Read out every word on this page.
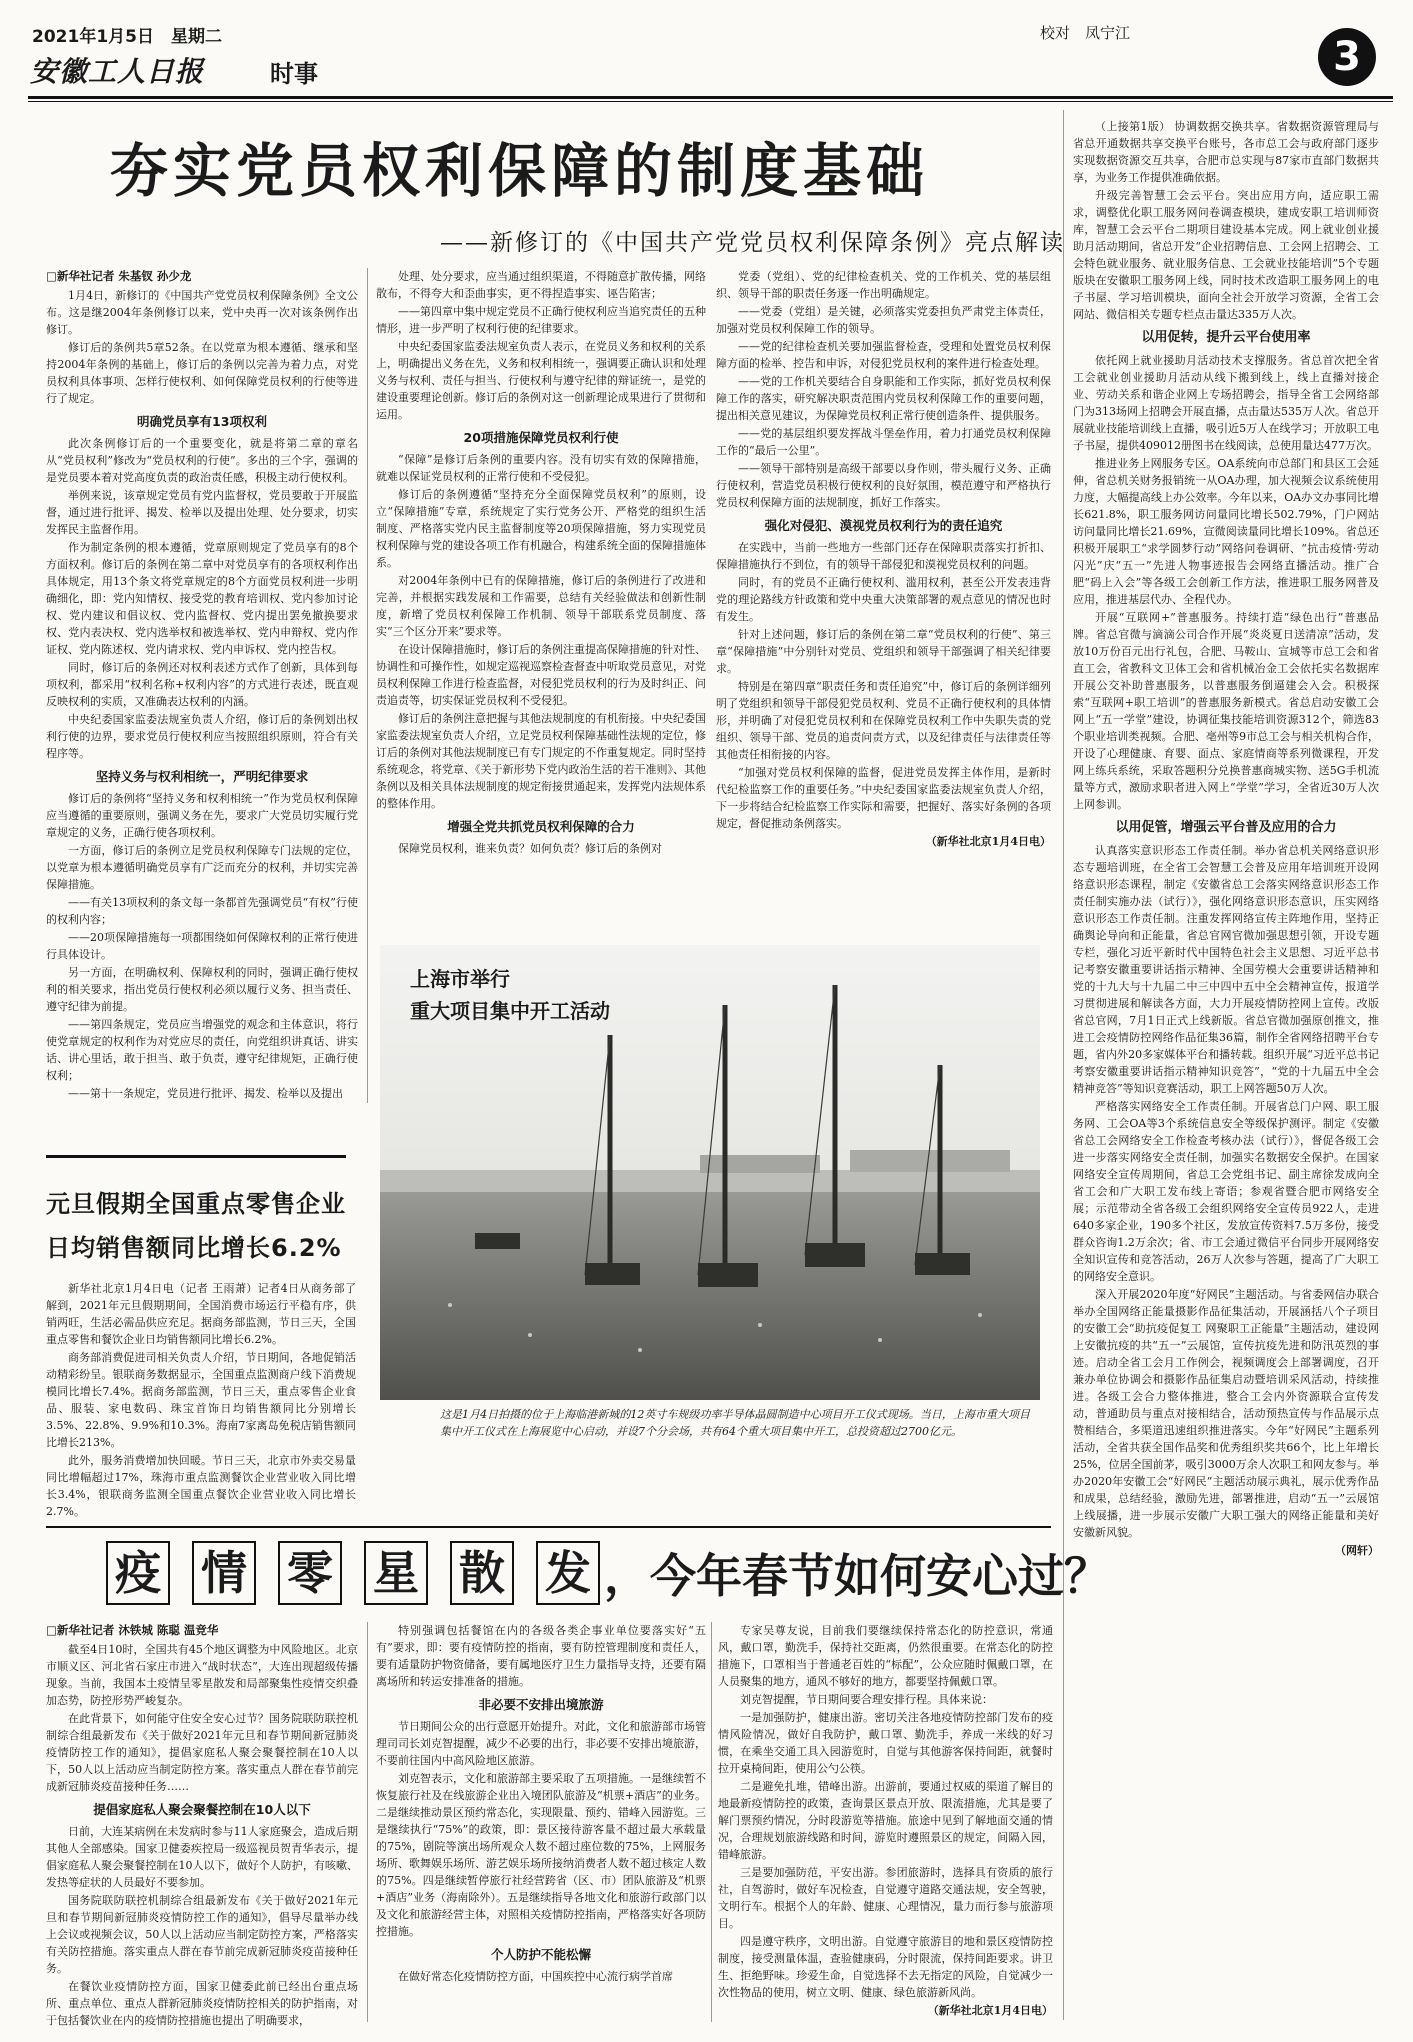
2021年1月5日　星期二
安徽工人日报	时事
校对　凤宁江
3
夯实党员权利保障的制度基础
——新修订的《中国共产党党员权利保障条例》亮点解读
□新华社记者 朱基钗 孙少龙

1月4日，新修订的《中国共产党党员权利保障条例》全文公布。这是继2004年条例修订以来，党中央再一次对该条例作出修订。

修订后的条例共5章52条。在以党章为根本遵循、继承和坚持2004年条例的基础上，修订后的条例以完善为着力点，对党员权利具体事项、怎样行使权利、如何保障党员权利的行使等进行了规定。

明确党员享有13项权利

此次条例修订后的一个重要变化，就是将第二章的章名从“党员权利”修改为“党员权利的行使”。多出的三个字，强调的是党员要本着对党高度负责的政治责任感，积极主动行使权利。

举例来说，该章规定党员有党内监督权，党员要敢于开展监督，通过进行批评、揭发、检举以及提出处理、处分要求，切实发挥民主监督作用。

作为制定条例的根本遵循，党章原则规定了党员享有的8个方面权利。修订后的条例在第二章中对党员享有的各项权利作出具体规定，用13个条文将党章规定的8个方面党员权利进一步明确细化，即：党内知情权、接受党的教育培训权、党内参加讨论权、党内建议和倡议权、党内监督权、党内提出罢免撤换要求权、党内表决权、党内选举权和被选举权、党内申辩权、党内作证权、党内陈述权、党内请求权、党内申诉权、党内控告权。

同时，修订后的条例还对权利表述方式作了创新，具体到每项权利，都采用“权利名称+权利内容”的方式进行表述，既直观反映权利的实质，又准确表达权利的内涵。

中央纪委国家监委法规室负责人介绍，修订后的条例划出权利行使的边界，要求党员行使权利应当按照组织原则，符合有关程序等。

坚持义务与权利相统一，严明纪律要求

修订后的条例将“坚持义务和权利相统一”作为党员权利保障应当遵循的重要原则，强调义务在先，要求广大党员切实履行党章规定的义务，正确行使各项权利。

一方面，修订后的条例立足党员权利保障专门法规的定位，以党章为根本遵循明确党员享有广泛而充分的权利，并切实完善保障措施。

——有关13项权利的条文每一条都首先强调党员“有权”行使的权利内容；

——20项保障措施每一项都围绕如何保障权利的正常行使进行具体设计。

另一方面，在明确权利、保障权利的同时，强调正确行使权利的相关要求，指出党员行使权利必须以履行义务、担当责任、遵守纪律为前提。

——第四条规定，党员应当增强党的观念和主体意识，将行使党章规定的权利作为对党应尽的责任，向党组织讲真话、讲实话、讲心里话，敢于担当、敢于负责，遵守纪律规矩，正确行使权利；

——第十一条规定，党员进行批评、揭发、检举以及提出

处理、处分要求，应当通过组织渠道，不得随意扩散传播，网络散布，不得夸大和歪曲事实，更不得捏造事实、诬告陷害；

——第四章中集中规定党员不正确行使权利应当追究责任的五种情形，进一步严明了权利行使的纪律要求。

中央纪委国家监委法规室负责人表示，在党员义务和权利的关系上，明确提出义务在先，义务和权利相统一，强调要正确认识和处理义务与权利、责任与担当、行使权利与遵守纪律的辩证统一，是党的建设重要理论创新。修订后的条例对这一创新理论成果进行了贯彻和运用。

20项措施保障党员权利行使

“保障”是修订后条例的重要内容。没有切实有效的保障措施，就难以保证党员权利的正常行使和不受侵犯。

修订后的条例遵循“坚持充分全面保障党员权利”的原则，设立“保障措施”专章，系统规定了实行党务公开、严格党的组织生活制度、严格落实党内民主监督制度等20项保障措施，努力实现党员权利保障与党的建设各项工作有机融合，构建系统全面的保障措施体系。

对2004年条例中已有的保障措施，修订后的条例进行了改进和完善，并根据实践发展和工作需要，总结有关经验做法和创新性制度，新增了党员权利保障工作机制、领导干部联系党员制度、落实“三个区分开来”要求等。

在设计保障措施时，修订后的条例注重提高保障措施的针对性、协调性和可操作性，如规定巡视巡察检查督查中听取党员意见，对党员权利保障工作进行检查监督，对侵犯党员权利的行为及时纠正、问责追责等，切实保证党员权利不受侵犯。

修订后的条例注意把握与其他法规制度的有机衔接。中央纪委国家监委法规室负责人介绍，立足党员权利保障基础性法规的定位，修订后的条例对其他法规制度已有专门规定的不作重复规定。同时坚持系统观念，将党章、《关于新形势下党内政治生活的若干准则》、其他条例以及相关具体法规制度的规定衔接贯通起来，发挥党内法规体系的整体作用。

增强全党共抓党员权利保障的合力

保障党员权利，谁来负责？如何负责？修订后的条例对

党委（党组）、党的纪律检查机关、党的工作机关、党的基层组织、领导干部的职责任务逐一作出明确规定。

——党委（党组）是关键，必须落实党委担负严肃党主体责任，加强对党员权利保障工作的领导。

——党的纪律检查机关要加强监督检查，受理和处置党员权利保障方面的检举、控告和申诉，对侵犯党员权利的案件进行检查处理。

——党的工作机关要结合自身职能和工作实际，抓好党员权利保障工作的落实，研究解决职责范围内党员权利保障工作的重要问题，提出相关意见建议，为保障党员权利正常行使创造条件、提供服务。

——党的基层组织要发挥战斗堡垒作用，着力打通党员权利保障工作的“最后一公里”。

——领导干部特别是高级干部要以身作则，带头履行义务、正确行使权利，营造党员积极行使权利的良好氛围，模范遵守和严格执行党员权利保障方面的法规制度，抓好工作落实。

强化对侵犯、漠视党员权利行为的责任追究

在实践中，当前一些地方一些部门还存在保障职责落实打折扣、保障措施执行不到位，有的领导干部侵犯和漠视党员权利的问题。

同时，有的党员不正确行使权利、滥用权利，甚至公开发表违背党的理论路线方针政策和党中央重大决策部署的观点意见的情况也时有发生。

针对上述问题，修订后的条例在第二章“党员权利的行使”、第三章“保障措施”中分别针对党员、党组织和领导干部强调了相关纪律要求。

特别是在第四章“职责任务和责任追究”中，修订后的条例详细列明了党组织和领导干部侵犯党员权利、党员不正确行使权利的具体情形，并明确了对侵犯党员权利和在保障党员权利工作中失职失责的党组织、领导干部、党员的追责问责方式，以及纪律责任与法律责任等其他责任相衔接的内容。

“加强对党员权利保障的监督，促进党员发挥主体作用，是新时代纪检监察工作的重要任务。”中央纪委国家监委法规室负责人介绍，下一步将结合纪检监察工作实际和需要，把握好、落实好条例的各项规定，督促推动条例落实。

（新华社北京1月4日电）

上海市举行
重大项目集中开工活动
这是1月4日拍摄的位于上海临港新城的12英寸车规级功率半导体晶圆制造中心项目开工仪式现场。当日，上海市重大项目集中开工仪式在上海展览中心启动，并设7个分会场，共有64个重大项目集中开工，总投资超过2700亿元。
元旦假期全国重点零售企业
日均销售额同比增长6.2%

新华社北京1月4日电（记者 王雨萧）记者4日从商务部了解到，2021年元旦假期期间，全国消费市场运行平稳有序，供销两旺，生活必需品供应充足。据商务部监测，节日三天，全国重点零售和餐饮企业日均销售额同比增长6.2%。

商务部消费促进司相关负责人介绍，节日期间，各地促销活动精彩纷呈。银联商务数据显示，全国重点监测商户线下消费规模同比增长7.4%。据商务部监测，节日三天，重点零售企业食品、服装、家电数码、珠宝首饰日均销售额同比分别增长3.5%、22.8%、9.9%和10.3%。海南7家离岛免税店销售额同比增长213%。

此外，服务消费增加快回暖。节日三天，北京市外卖交易量同比增幅超过17%，珠海市重点监测餐饮企业营业收入同比增长3.4%，银联商务监测全国重点餐饮企业营业收入同比增长2.7%。

疫 情 零 星 散 发 ，今年春节如何安心过？
□新华社记者 沐铁城 陈聪 温竞华

截至4日10时，全国共有45个地区调整为中风险地区。北京市顺义区、河北省石家庄市进入“战时状态”，大连出现超级传播现象。当前，我国本土疫情呈零星散发和局部聚集性疫情交织叠加态势，防控形势严峻复杂。

在此背景下，如何能守住安全安心过节？国务院联防联控机制综合组最新发布《关于做好2021年元旦和春节期间新冠肺炎疫情防控工作的通知》，提倡家庭私人聚会聚餐控制在10人以下，50人以上活动应当制定防控方案。落实重点人群在春节前完成新冠肺炎疫苗接种任务……

提倡家庭私人聚会聚餐控制在10人以下

日前，大连某病例在未发病时参与11人家庭聚会，造成后期其他人全部感染。国家卫健委疾控局一级巡视员贺青华表示，提倡家庭私人聚会聚餐控制在10人以下，做好个人防护，有咳嗽、发热等症状的人员最好不要参加。

国务院联防联控机制综合组最新发布《关于做好2021年元旦和春节期间新冠肺炎疫情防控工作的通知》，倡导尽量举办线上会议或视频会议，50人以上活动应当制定防控方案，严格落实有关防控措施。落实重点人群在春节前完成新冠肺炎疫苗接种任务。

在餐饮业疫情防控方面，国家卫健委此前已经出台重点场所、重点单位、重点人群新冠肺炎疫情防控相关的防护指南，对于包括餐饮业在内的疫情防控措施也提出了明确要求，

特别强调包括餐馆在内的各级各类企事业单位要落实好“五有”要求，即：要有疫情防控的指南，要有防控管理制度和责任人，要有适量防护物资储备，要有属地医疗卫生力量指导支持，还要有隔离场所和转运安排准备的措施。

非必要不安排出境旅游

节日期间公众的出行意愿开始提升。对此，文化和旅游部市场管理司司长刘克智提醒，减少不必要的出行，非必要不安排出境旅游，不要前往国内中高风险地区旅游。

刘克智表示，文化和旅游部主要采取了五项措施。一是继续暂不恢复旅行社及在线旅游企业出入境团队旅游及“机票+酒店”的业务。二是继续推动景区预约常态化，实现限量、预约、错峰入园游览。三是继续执行“75%”的政策，即：景区接待游客量不超过最大承载量的75%，剧院等演出场所观众人数不超过座位数的75%，上网服务场所、歌舞娱乐场所、游艺娱乐场所接纳消费者人数不超过核定人数的75%。四是继续暂停旅行社经营跨省（区、市）团队旅游及“机票+酒店”业务（海南除外）。五是继续指导各地文化和旅游行政部门以及文化和旅游经营主体，对照相关疫情防控指南，严格落实好各项防控措施。

个人防护不能松懈

在做好常态化疫情防控方面，中国疾控中心流行病学首席

专家吴尊友说，目前我们要继续保持常态化的防控意识，常通风，戴口罩，勤洗手，保持社交距离，仍然很重要。在常态化的防控措施下，口罩相当于普通老百姓的“标配”，公众应随时佩戴口罩，在人员聚集的地方，通风不够好的地方，都要坚持佩戴口罩。

刘克智提醒，节日期间要合理安排行程。具体来说：

一是加强防护，健康出游。密切关注各地疫情防控部门发布的疫情风险情况，做好自我防护，戴口罩、勤洗手，养成一米线的好习惯，在乘坐交通工具入园游览时，自觉与其他游客保持间距，就餐时拉开桌椅间距，使用公勺公筷。

二是避免扎堆，错峰出游。出游前，要通过权威的渠道了解目的地最新疫情防控的政策，查询景区景点开放、限流措施，尤其是要了解门票预约情况，分时段游览等措施。旅途中见到了解地面交通的情况，合理规划旅游线路和时间，游览时遵照景区的规定，间隔入园，错峰旅游。

三是要加强防范，平安出游。参团旅游时，选择具有资质的旅行社，自驾游时，做好车况检查，自觉遵守道路交通法规，安全驾驶，文明行车。根据个人的年龄、健康、心理情况，量力而行参与旅游项目。

四是遵守秩序，文明出游。自觉遵守旅游目的地和景区疫情防控制度，接受测量体温，查验健康码，分时限流，保持间距要求。讲卫生、拒绝野味。珍爱生命，自觉选择不去无指定的风险，自觉减少一次性物品的使用，树立文明、健康、绿色旅游新风尚。

（新华社北京1月4日电）

（上接第1版） 协调数据交换共享。省数据资源管理局与省总开通数据共享交换平台账号，各市总工会与政府部门逐步实现数据资源交互共享，合肥市总实现与87家市直部门数据共享，为业务工作提供准确依据。

升级完善智慧工会云平台。突出应用方向，适应职工需求，调整优化职工服务网问卷调查模块，建成安职工培训师资库，智慧工会云平台二期项目建设基本完成。网上就业创业援助月活动期间，省总开发“企业招聘信息、工会网上招聘会、工会特色就业服务、就业服务信息、工会就业技能培训”5个专题版块在安徽职工服务网上线，同时技术改造职工服务网上的电子书屋、学习培训模块，面向全社会开放学习资源，全省工会网站、微信相关专题专栏点击量达335万人次。

以用促转，提升云平台使用率

依托网上就业援助月活动技术支撑服务。省总首次把全省工会就业创业援助月活动从线下搬到线上，线上直播対接企业、劳动关系和谐企业网上专场招聘会，指导全省工会网络部门为313场网上招聘会开展直播，点击量达535万人次。省总开展就业技能培训线上直播，吸引近5万人在线学习；开放职工电子书屋，提供409012册图书在线阅读，总使用量达477万次。

推进业务上网服务专区。OA系统向市总部门和县区工会延伸，省总机关财务报销统一从OA办理，加大视频会议系统使用力度，大幅提高线上办公效率。今年以来，OA办文办事同比增长621.8%，职工服务网访问量同比增长502.79%，门户网站访问量同比增长21.69%，宣微阅读量同比增长109%。省总还积极开展职工“求学圆梦行动”网络问卷调研、“抗击疫情·劳动闪光”庆“五一”先进人物事迹报告会网络直播活动。推广合肥“码上入会”等各级工会创新工作方法，推进职工服务网普及应用，推进基层代办、全程代办。

开展“互联网+”普惠服务。持续打造“绿色出行”普惠品牌。省总官微与滴滴公司合作开展“炎炎夏日送清凉”活动，发放10万份百元出行礼包，合肥、马鞍山、宣城等市总工会和省直工会，省教科文卫体工会和省机械冶金工会依托实名数据库开展公交补助普惠服务，以普惠服务倒逼建会入会。积极探索“互联网+职工培训”的普惠服务新模式。省总启动安徽工会网上“五一学堂”建设，协调征集技能培训资源312个，筛选83个职业培训类视频。合肥、亳州等9市总工会与相关机构合作，开设了心理健康、育婴、面点、家庭情商等系列微课程，开发网上练兵系统，采取答题积分兑换普惠商城实物、送5G手机流量等方式，激励求职者进入网上“学堂”学习，全省近30万人次上网参训。

以用促管，增强云平台普及应用的合力

认真落实意识形态工作责任制。举办省总机关网络意识形态专题培训班，在全省工会智慧工会普及应用年培训班开设网络意识形态课程，制定《安徽省总工会落实网络意识形态工作责任制实施办法（试行）》，强化网络意识形态意识，压实网络意识形态工作责任制。注重发挥网络宣传主阵地作用，坚持正确舆论导向和正能量，省总官网官微加强思想引领，开设专题专栏，强化习近平新时代中国特色社会主义思想、习近平总书记考察安徽重要讲话指示精神、全国劳模大会重要讲话精神和党的十九大与十九届二中三中四中五中全会精神宣传，报道学习贯彻进展和解读各方面，大力开展疫情防控网上宣传。改版省总官网，7月1日正式上线新版。省总官微加强原创推文，推进工会疫情防控网络作品征集36篇，制作全省网络招聘平台专题，省内外20多家媒体平台和播转载。组织开展“习近平总书记考察安徽重要讲话指示精神知识竞答”，“党的十九届五中全会精神竞答”等知识竞赛活动，职工上网答题50万人次。

严格落实网络安全工作责任制。开展省总门户网、职工服务网、工会OA等3个系统信息安全等级保护测评。制定《安徽省总工会网络安全工作检查考核办法（试行）》，督促各级工会进一步落实网络安全责任制，加强实名数据安全保护。在国家网络安全宣传周期间，省总工会党组书记、副主席徐发成向全省工会和广大职工发布线上寄语；参观省暨合肥市网络安全展；示范带动全省各级工会组织网络安全宣传员922人，走进640多家企业，190多个社区，发放宣传资料7.5万多份，接受群众咨询1.2万余次；省、市工会通过微信平台同步开展网络安全知识宣传和竞答活动，26万人次参与答题，提高了广大职工的网络安全意识。

深入开展2020年度“好网民”主题活动。与省委网信办联合举办全国网络正能量摄影作品征集活动，开展涵括八个子项目的安徽工会“助抗疫促复工 网聚职工正能量”主题活动，建设网上安徽抗疫的共“五一”云展馆，宣传抗疫先进和防汛英烈的事迹。启动全省工会月工作例会，视频调度会上部署调度，召开兼办单位协调会和摄影作品征集启动暨培训采风活动，持续推进。各级工会合力整体推进，整合工会内外资源联合宣传发动，普通助员与重点对接相结合，活动预热宣传与作品展示点赞相结合，多渠道迅速组织推进落实。今年“好网民”主题系列活动，全省共获全国作品奖和优秀组织奖共66个，比上年增长25%，位居全国前茅，吸引3000万余人次职工和网友参与。举办2020年安徽工会“好网民”主题活动展示典礼，展示优秀作品和成果，总结经验，激励先进，部署推进，启动“五一”云展馆上线展播，进一步展示安徽广大职工强大的网络正能量和美好安徽新风貌。

（网轩）
